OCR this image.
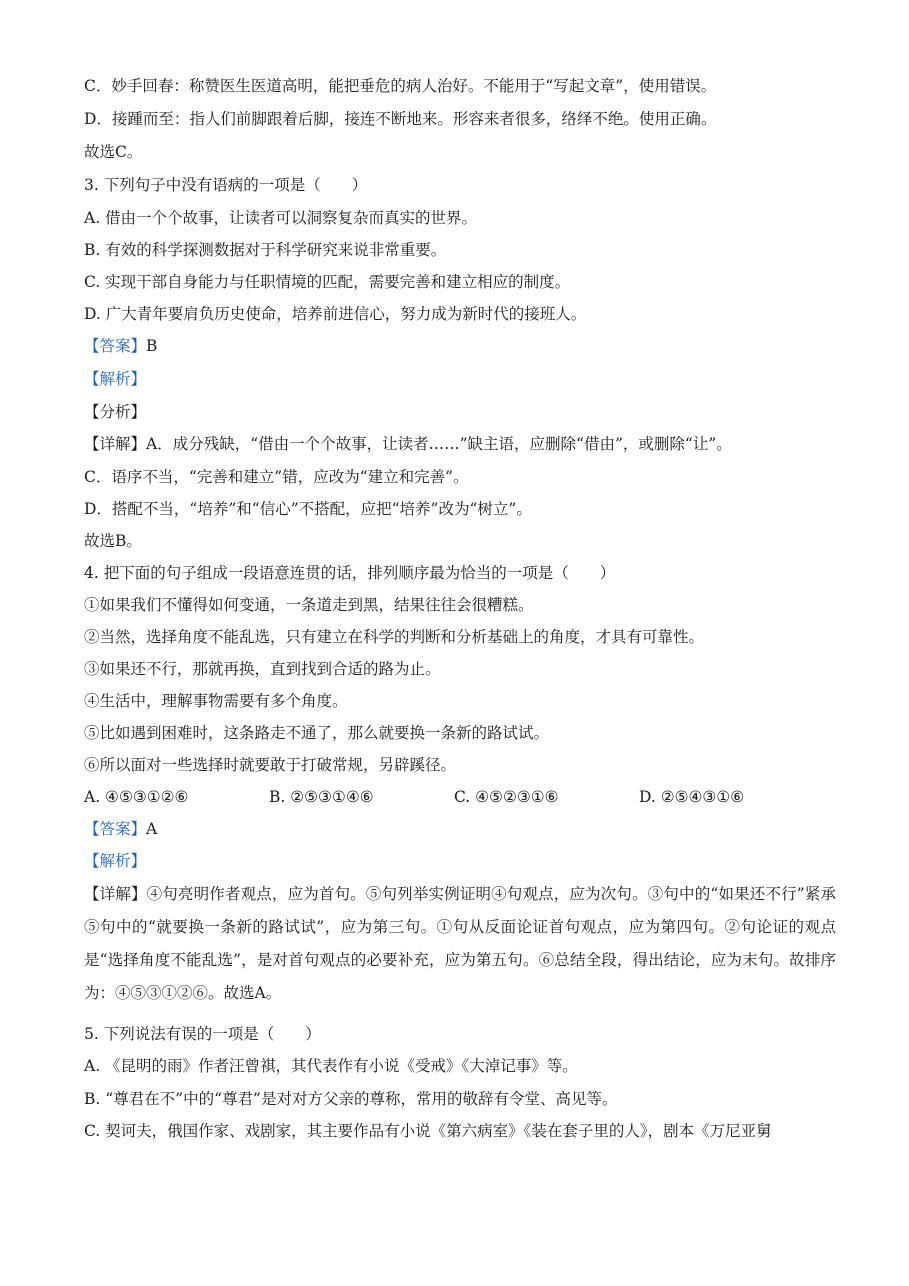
C．妙手回春：称赞医生医道高明，能把垂危的病人治好。不能用于“写起文章”，使用错误。
D．接踵而至：指人们前脚跟着后脚，接连不断地来。形容来者很多，络绎不绝。使用正确。
故选C。
3. 下列句子中没有语病的一项是（　　）
A. 借由一个个故事，让读者可以洞察复杂而真实的世界。
B. 有效的科学探测数据对于科学研究来说非常重要。
C. 实现干部自身能力与任职情境的匹配，需要完善和建立相应的制度。
D. 广大青年要肩负历史使命，培养前进信心，努力成为新时代的接班人。
【答案】B
【解析】
【分析】
【详解】A．成分残缺，“借由一个个故事，让读者……”缺主语，应删除“借由”，或删除“让”。
C．语序不当，“完善和建立”错，应改为“建立和完善”。
D．搭配不当，“培养”和“信心”不搭配，应把“培养”改为“树立”。
故选B。
4. 把下面的句子组成一段语意连贯的话，排列顺序最为恰当的一项是（　　）
①如果我们不懂得如何变通，一条道走到黑，结果往往会很糟糕。
②当然，选择角度不能乱选，只有建立在科学的判断和分析基础上的角度，才具有可靠性。
③如果还不行，那就再换，直到找到合适的路为止。
④生活中，理解事物需要有多个角度。
⑤比如遇到困难时，这条路走不通了，那么就要换一条新的路试试。
⑥所以面对一些选择时就要敢于打破常规，另辟蹊径。
A. ④⑤③①②⑥	B. ②⑤③①④⑥	C. ④⑤②③①⑥	D. ②⑤④③①⑥
【答案】A
【解析】
【详解】④句亮明作者观点，应为首句。⑤句列举实例证明④句观点，应为次句。③句中的“如果还不行”紧承⑤句中的“就要换一条新的路试试”，应为第三句。①句从反面论证首句观点，应为第四句。②句论证的观点是“选择角度不能乱选”，是对首句观点的必要补充，应为第五句。⑥总结全段，得出结论，应为末句。故排序为：④⑤③①②⑥。故选A。
5. 下列说法有误的一项是（　　）
A. 《昆明的雨》作者汪曾祺，其代表作有小说《受戒》《大淖记事》等。
B. “尊君在不”中的“尊君”是对对方父亲的尊称，常用的敬辞有令堂、高见等。
C. 契诃夫，俄国作家、戏剧家，其主要作品有小说《第六病室》《装在套子里的人》，剧本《万尼亚舅
